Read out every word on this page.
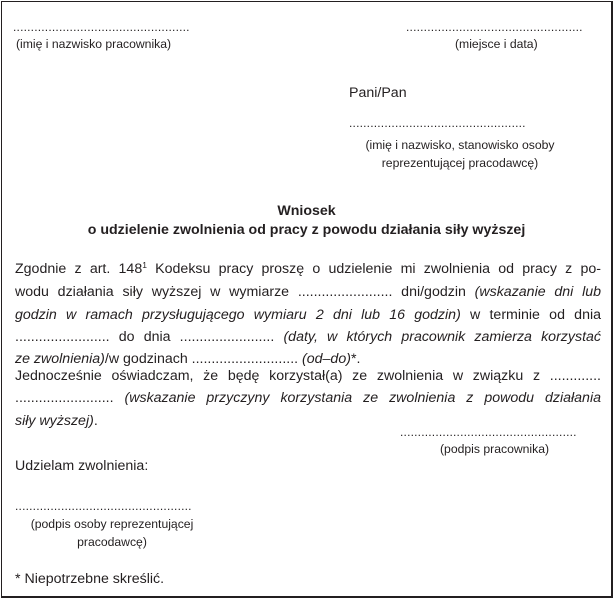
..................................................
(imię i nazwisko pracownika)
..................................................
(miejsce i data)
Pani/Pan
..................................................
(imię i nazwisko, stanowisko osoby
reprezentującej pracodawcę)
Wniosek
o udzielenie zwolnienia od pracy z powodu działania siły wyższej
Zgodnie z art. $148^1$ Kodeksu pracy proszę o udzielenie mi zwolnienia od pracy z po-
wodu działania siły wyższej w wymiarze ........................ dni/godzin (wskazanie dni lub
godzin w ramach przysługującego wymiaru 2 dni lub 16 godzin) w terminie od dnia
........................ do dnia ........................ (daty, w których pracownik zamierza korzystać
ze zwolnienia)/w godzinach ........................... (od–do)*.
Jednocześnie oświadczam, że będę korzystał(a) ze zwolnienia w związku z .............
......................... (wskazanie przyczyny korzystania ze zwolnienia z powodu działania
siły wyższej).
..................................................
(podpis pracownika)
Udzielam zwolnienia:
..................................................
(podpis osoby reprezentującej
pracodawcę)
* Niepotrzebne skreślić.
